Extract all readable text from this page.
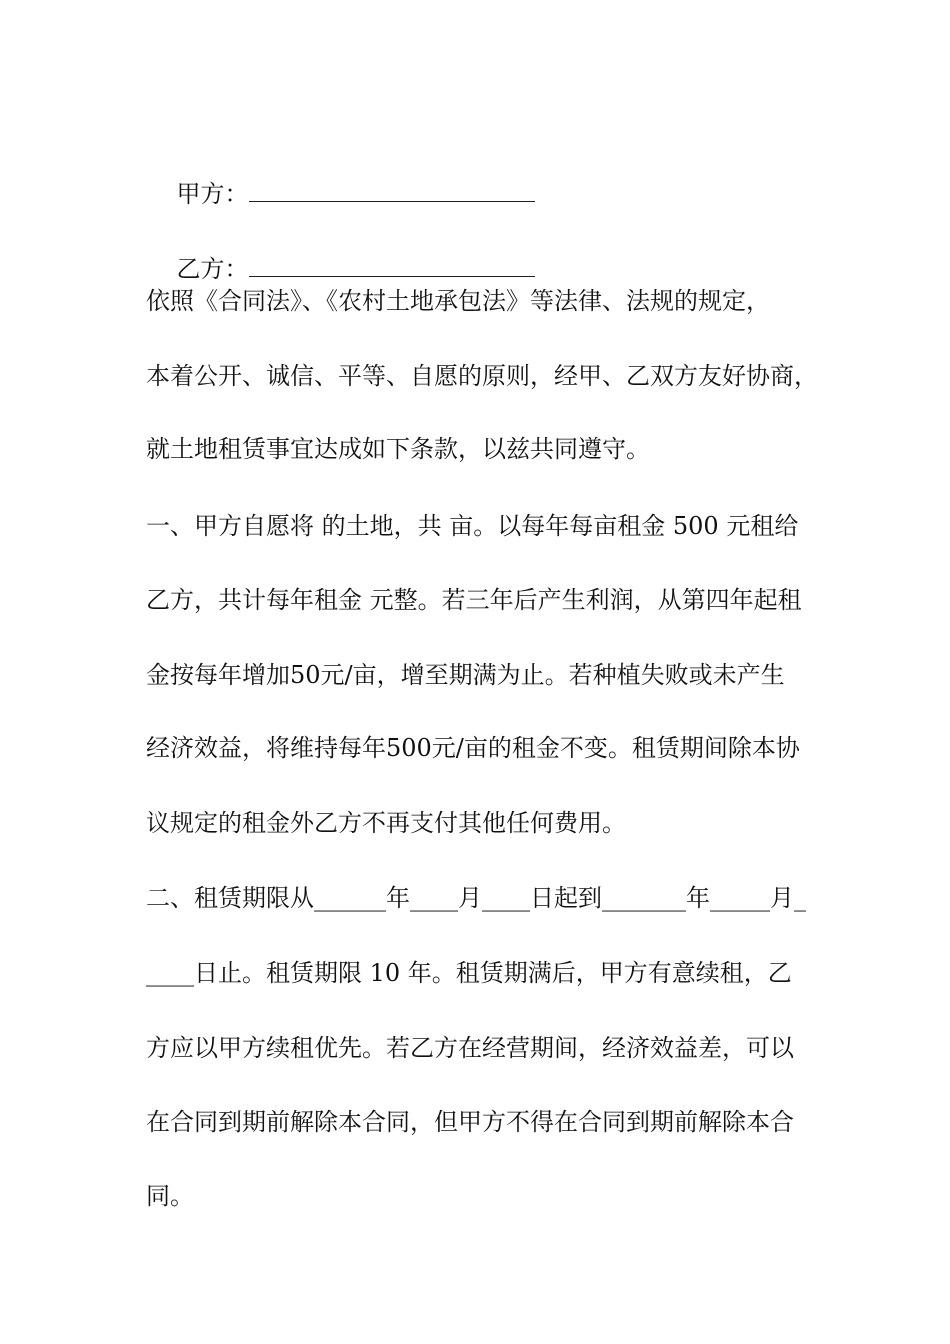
甲方：

乙方：

依照《合同法》、《农村土地承包法》等法律、法规的规定，
本着公开、诚信、平等、自愿的原则，经甲、乙双方友好协商，
就土地租赁事宜达成如下条款，以兹共同遵守。
一、甲方自愿将 的土地，共 亩。以每年每亩租金 500 元租给
乙方，共计每年租金 元整。若三年后产生利润，从第四年起租
金按每年增加50元/亩，增至期满为止。若种植失败或未产生
经济效益，将维持每年500元/亩的租金不变。租赁期间除本协
议规定的租金外乙方不再支付其他任何费用。
二、租赁期限从______年____月____日起到_______年_____月_
____日止。租赁期限 10 年。租赁期满后，甲方有意续租，乙
方应以甲方续租优先。若乙方在经营期间，经济效益差，可以
在合同到期前解除本合同，但甲方不得在合同到期前解除本合
同。
